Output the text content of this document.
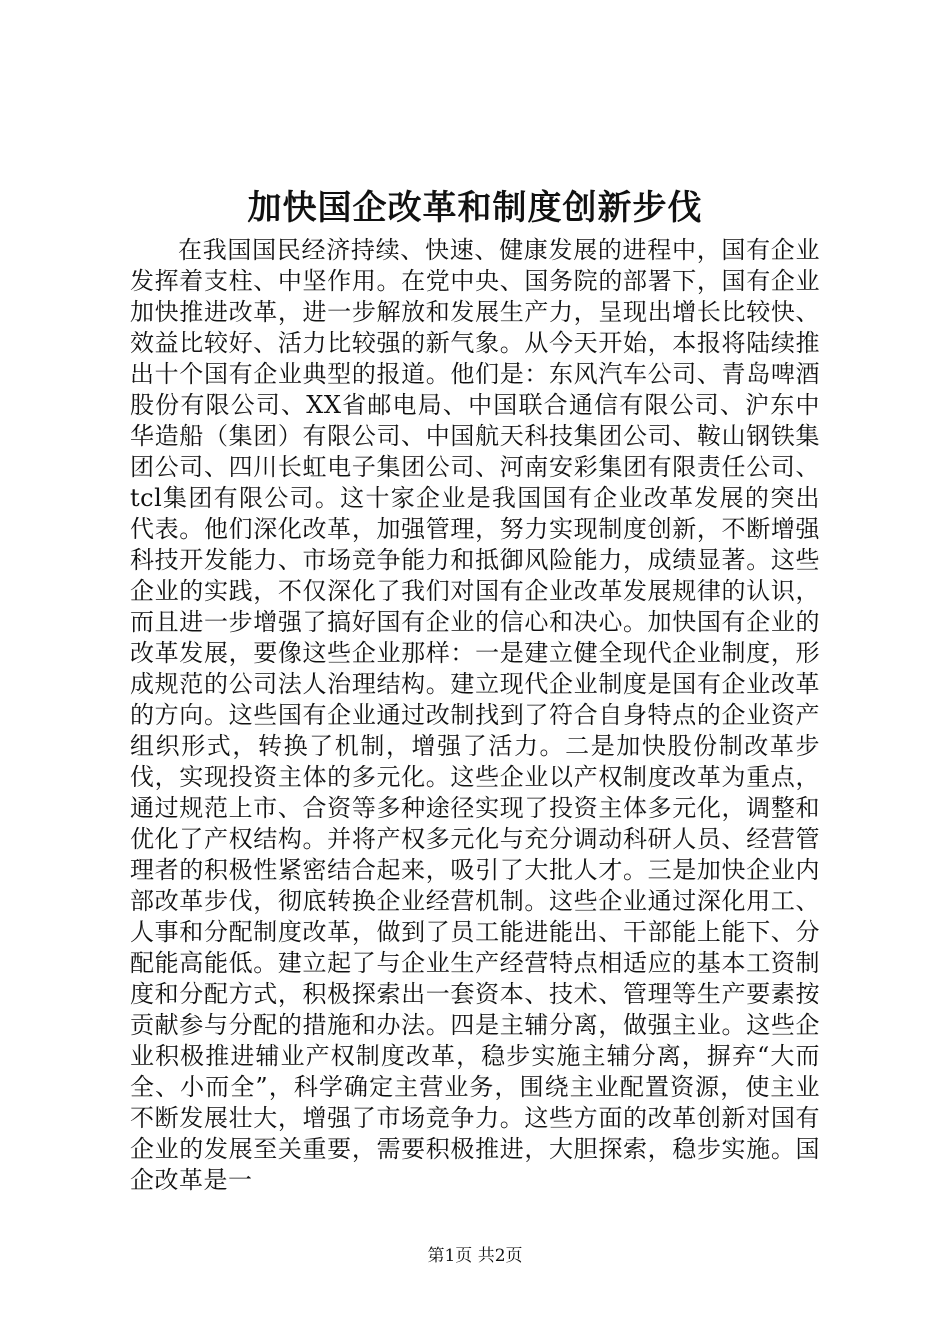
加快国企改革和制度创新步伐

在我国国民经济持续、快速、健康发展的进程中，国有企业发挥着支柱、中坚作用。在党中央、国务院的部署下，国有企业加快推进改革，进一步解放和发展生产力，呈现出增长比较快、效益比较好、活力比较强的新气象。从今天开始，本报将陆续推出十个国有企业典型的报道。他们是：东风汽车公司、青岛啤酒股份有限公司、XX省邮电局、中国联合通信有限公司、沪东中华造船（集团）有限公司、中国航天科技集团公司、鞍山钢铁集团公司、四川长虹电子集团公司、河南安彩集团有限责任公司、tcl集团有限公司。这十家企业是我国国有企业改革发展的突出代表。他们深化改革，加强管理，努力实现制度创新，不断增强科技开发能力、市场竞争能力和抵御风险能力，成绩显著。这些企业的实践，不仅深化了我们对国有企业改革发展规律的认识，而且进一步增强了搞好国有企业的信心和决心。加快国有企业的改革发展，要像这些企业那样：一是建立健全现代企业制度，形成规范的公司法人治理结构。建立现代企业制度是国有企业改革的方向。这些国有企业通过改制找到了符合自身特点的企业资产组织形式，转换了机制，增强了活力。二是加快股份制改革步伐，实现投资主体的多元化。这些企业以产权制度改革为重点，通过规范上市、合资等多种途径实现了投资主体多元化，调整和优化了产权结构。并将产权多元化与充分调动科研人员、经营管理者的积极性紧密结合起来，吸引了大批人才。三是加快企业内部改革步伐，彻底转换企业经营机制。这些企业通过深化用工、人事和分配制度改革，做到了员工能进能出、干部能上能下、分配能高能低。建立起了与企业生产经营特点相适应的基本工资制度和分配方式，积极探索出一套资本、技术、管理等生产要素按贡献参与分配的措施和办法。四是主辅分离，做强主业。这些企业积极推进辅业产权制度改革，稳步实施主辅分离，摒弃“大而全、小而全”，科学确定主营业务，围绕主业配置资源，使主业不断发展壮大，增强了市场竞争力。这些方面的改革创新对国有企业的发展至关重要，需要积极推进，大胆探索，稳步实施。国企改革是一

第1页 共2页
